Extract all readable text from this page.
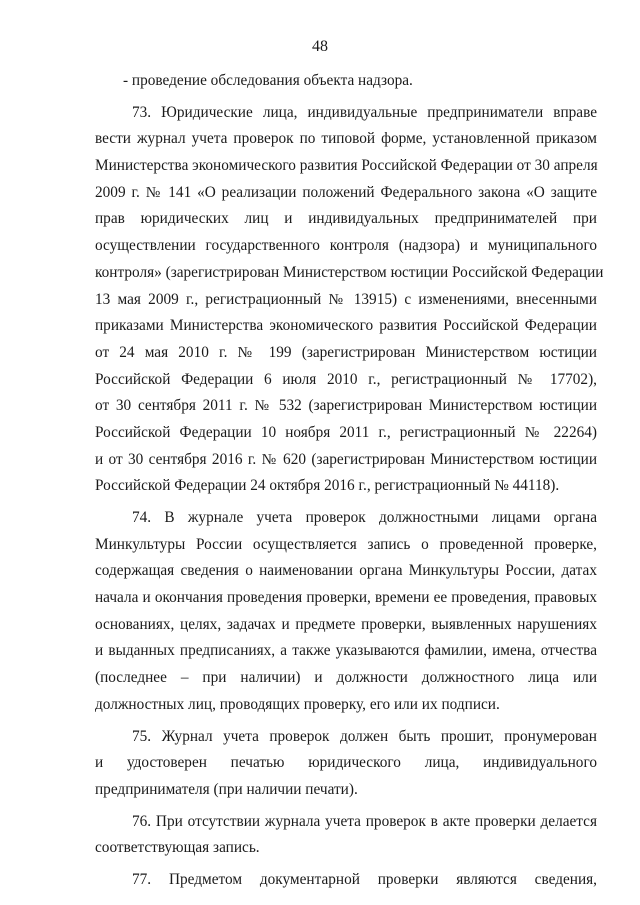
48
- проведение обследования объекта надзора.
73. Юридические лица, индивидуальные предприниматели вправе
вести журнал учета проверок по типовой форме, установленной приказом
Министерства экономического развития Российской Федерации от 30 апреля
2009 г. № 141 «О реализации положений Федерального закона «О защите
прав юридических лиц и индивидуальных предпринимателей при
осуществлении государственного контроля (надзора) и муниципального
контроля» (зарегистрирован Министерством юстиции Российской Федерации
13 мая 2009 г., регистрационный № 13915) с изменениями, внесенными
приказами Министерства экономического развития Российской Федерации
от 24 мая 2010 г. № 199 (зарегистрирован Министерством юстиции
Российской Федерации 6 июля 2010 г., регистрационный № 17702),
от 30 сентября 2011 г. № 532 (зарегистрирован Министерством юстиции
Российской Федерации 10 ноября 2011 г., регистрационный № 22264)
и от 30 сентября 2016 г. № 620 (зарегистрирован Министерством юстиции
Российской Федерации 24 октября 2016 г., регистрационный № 44118).
74. В журнале учета проверок должностными лицами органа
Минкультуры России осуществляется запись о проведенной проверке,
содержащая сведения о наименовании органа Минкультуры России, датах
начала и окончания проведения проверки, времени ее проведения, правовых
основаниях, целях, задачах и предмете проверки, выявленных нарушениях
и выданных предписаниях, а также указываются фамилии, имена, отчества
(последнее – при наличии) и должности должностного лица или
должностных лиц, проводящих проверку, его или их подписи.
75. Журнал учета проверок должен быть прошит, пронумерован
и удостоверен печатью юридического лица, индивидуального
предпринимателя (при наличии печати).
76. При отсутствии журнала учета проверок в акте проверки делается
соответствующая запись.
77. Предметом документарной проверки являются сведения,
